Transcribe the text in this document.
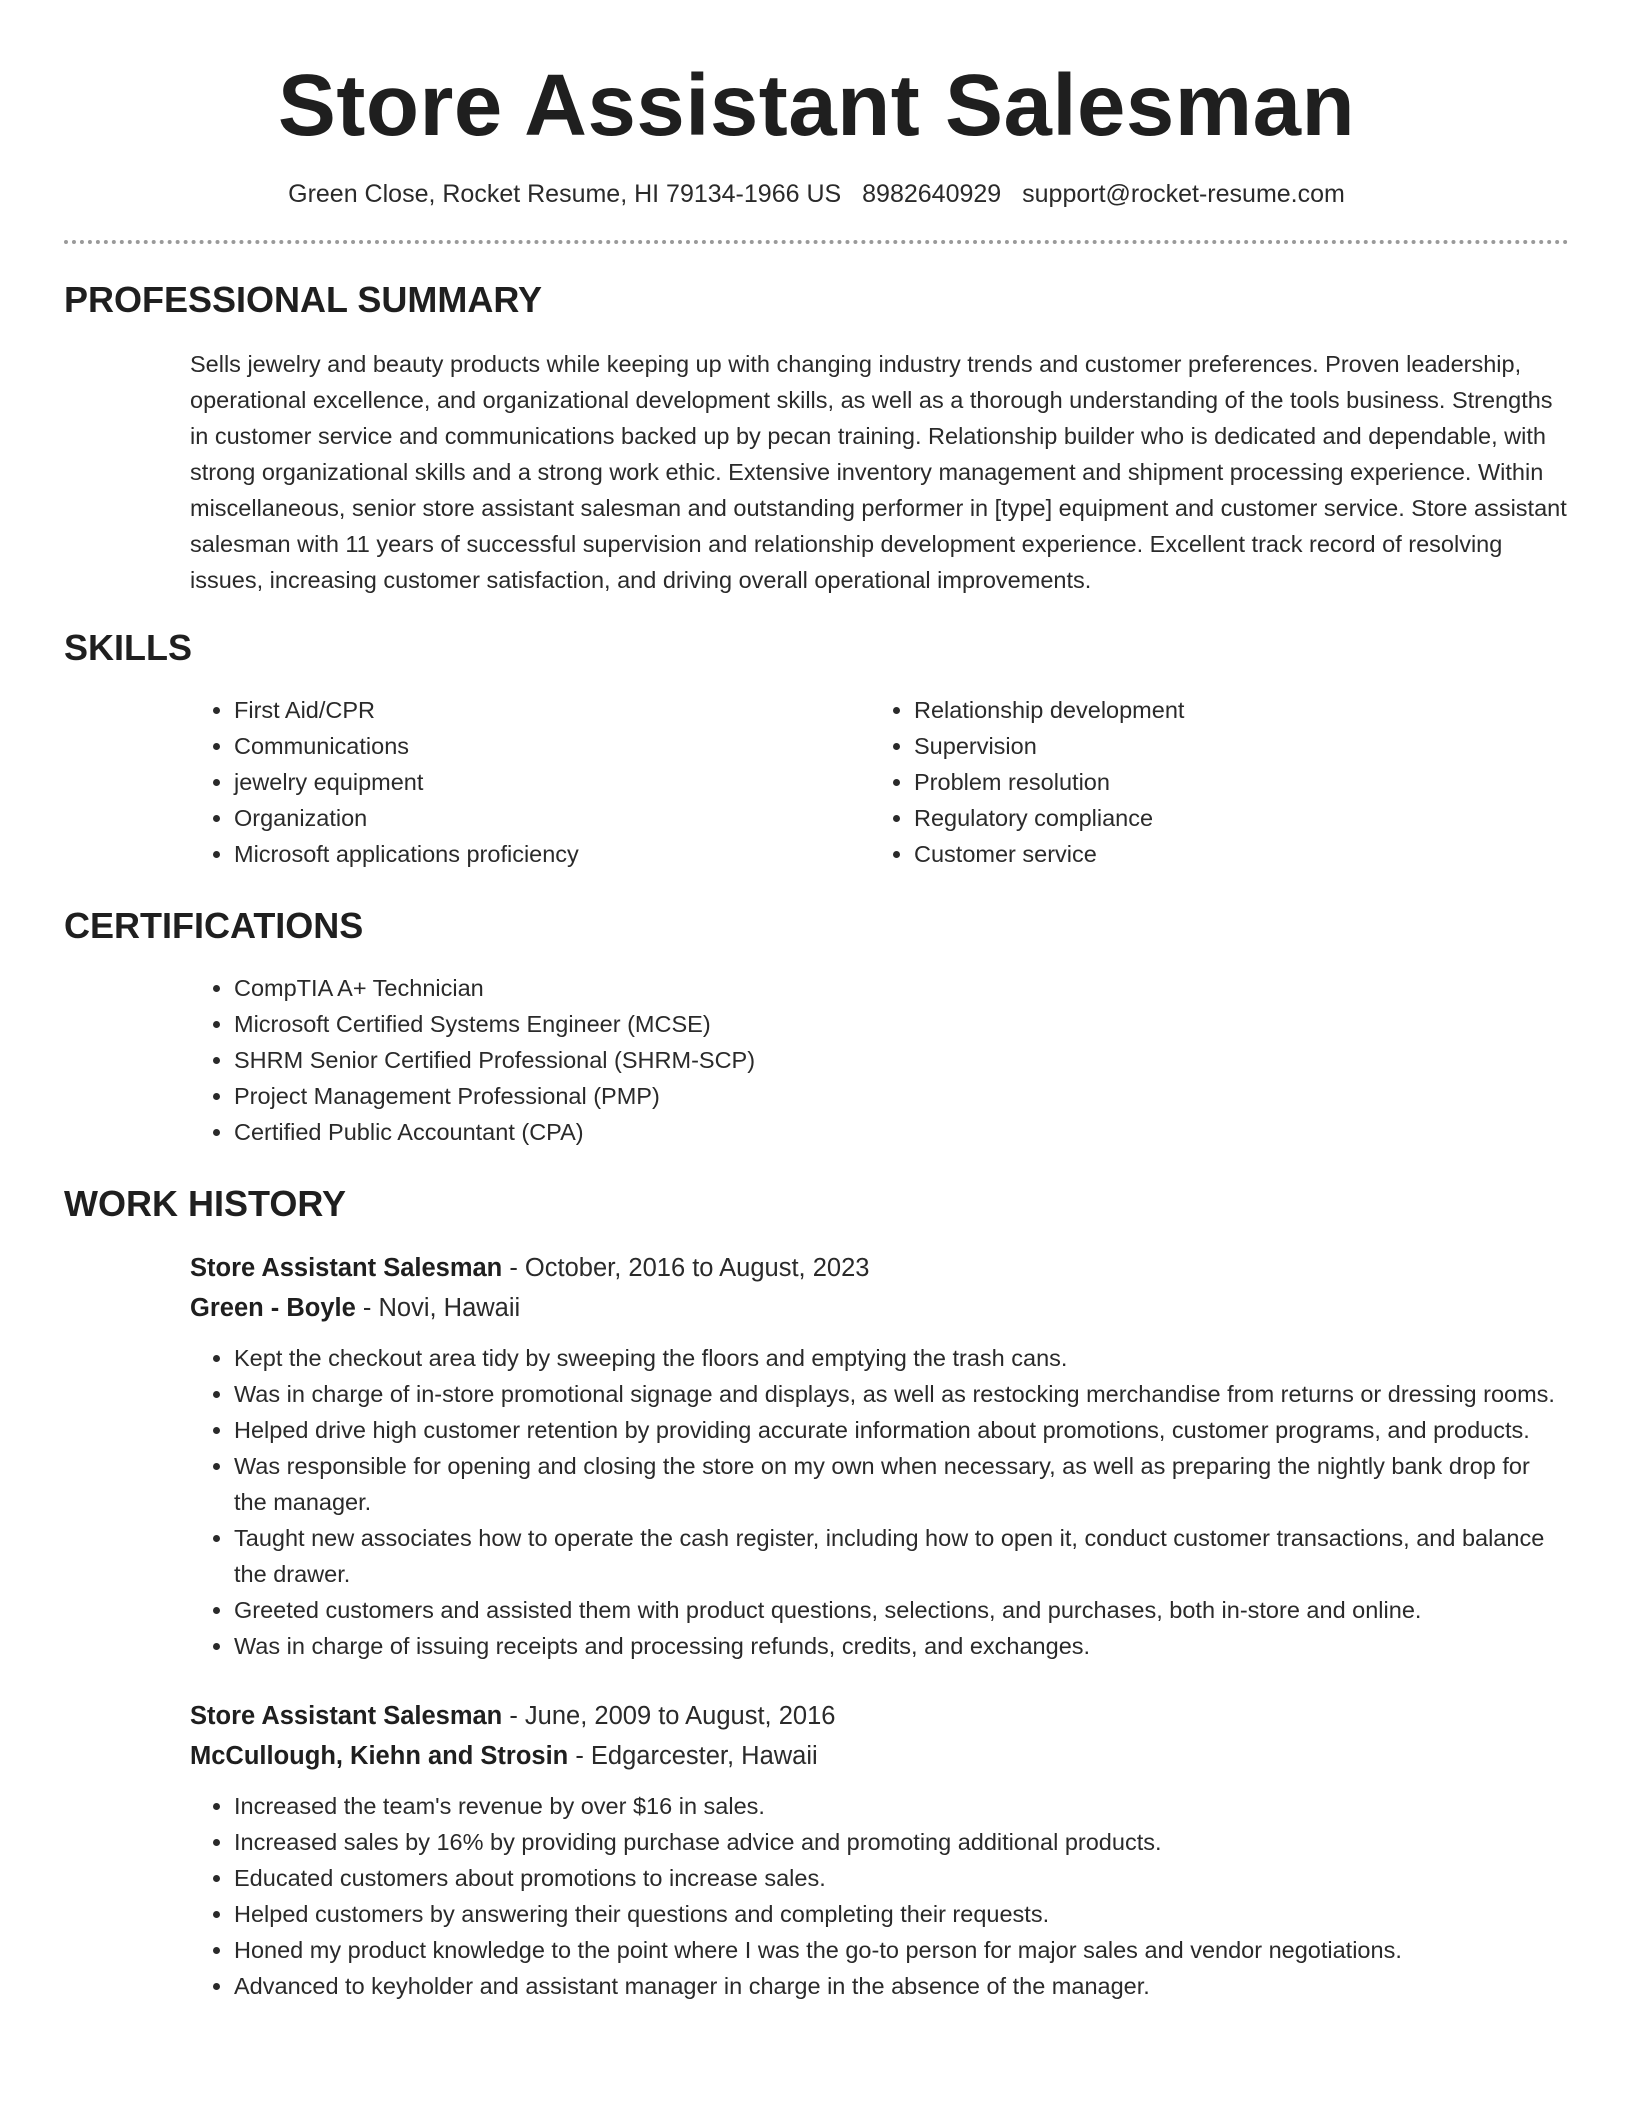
Store Assistant Salesman
Green Close, Rocket Resume, HI 79134-1966 US 8982640929 support@rocket-resume.com
PROFESSIONAL SUMMARY
Sells jewelry and beauty products while keeping up with changing industry trends and customer preferences. Proven leadership, operational excellence, and organizational development skills, as well as a thorough understanding of the tools business. Strengths in customer service and communications backed up by pecan training. Relationship builder who is dedicated and dependable, with strong organizational skills and a strong work ethic. Extensive inventory management and shipment processing experience. Within miscellaneous, senior store assistant salesman and outstanding performer in [type] equipment and customer service. Store assistant salesman with 11 years of successful supervision and relationship development experience. Excellent track record of resolving issues, increasing customer satisfaction, and driving overall operational improvements.
SKILLS
• First Aid/CPR
• Communications
• jewelry equipment
• Organization
• Microsoft applications proficiency
• Relationship development
• Supervision
• Problem resolution
• Regulatory compliance
• Customer service
CERTIFICATIONS
• CompTIA A+ Technician
• Microsoft Certified Systems Engineer (MCSE)
• SHRM Senior Certified Professional (SHRM-SCP)
• Project Management Professional (PMP)
• Certified Public Accountant (CPA)
WORK HISTORY
Store Assistant Salesman - October, 2016 to August, 2023
Green - Boyle - Novi, Hawaii
• Kept the checkout area tidy by sweeping the floors and emptying the trash cans.
• Was in charge of in-store promotional signage and displays, as well as restocking merchandise from returns or dressing rooms.
• Helped drive high customer retention by providing accurate information about promotions, customer programs, and products.
• Was responsible for opening and closing the store on my own when necessary, as well as preparing the nightly bank drop for the manager.
• Taught new associates how to operate the cash register, including how to open it, conduct customer transactions, and balance the drawer.
• Greeted customers and assisted them with product questions, selections, and purchases, both in-store and online.
• Was in charge of issuing receipts and processing refunds, credits, and exchanges.
Store Assistant Salesman - June, 2009 to August, 2016
McCullough, Kiehn and Strosin - Edgarcester, Hawaii
• Increased the team's revenue by over $16 in sales.
• Increased sales by 16% by providing purchase advice and promoting additional products.
• Educated customers about promotions to increase sales.
• Helped customers by answering their questions and completing their requests.
• Honed my product knowledge to the point where I was the go-to person for major sales and vendor negotiations.
• Advanced to keyholder and assistant manager in charge in the absence of the manager.
